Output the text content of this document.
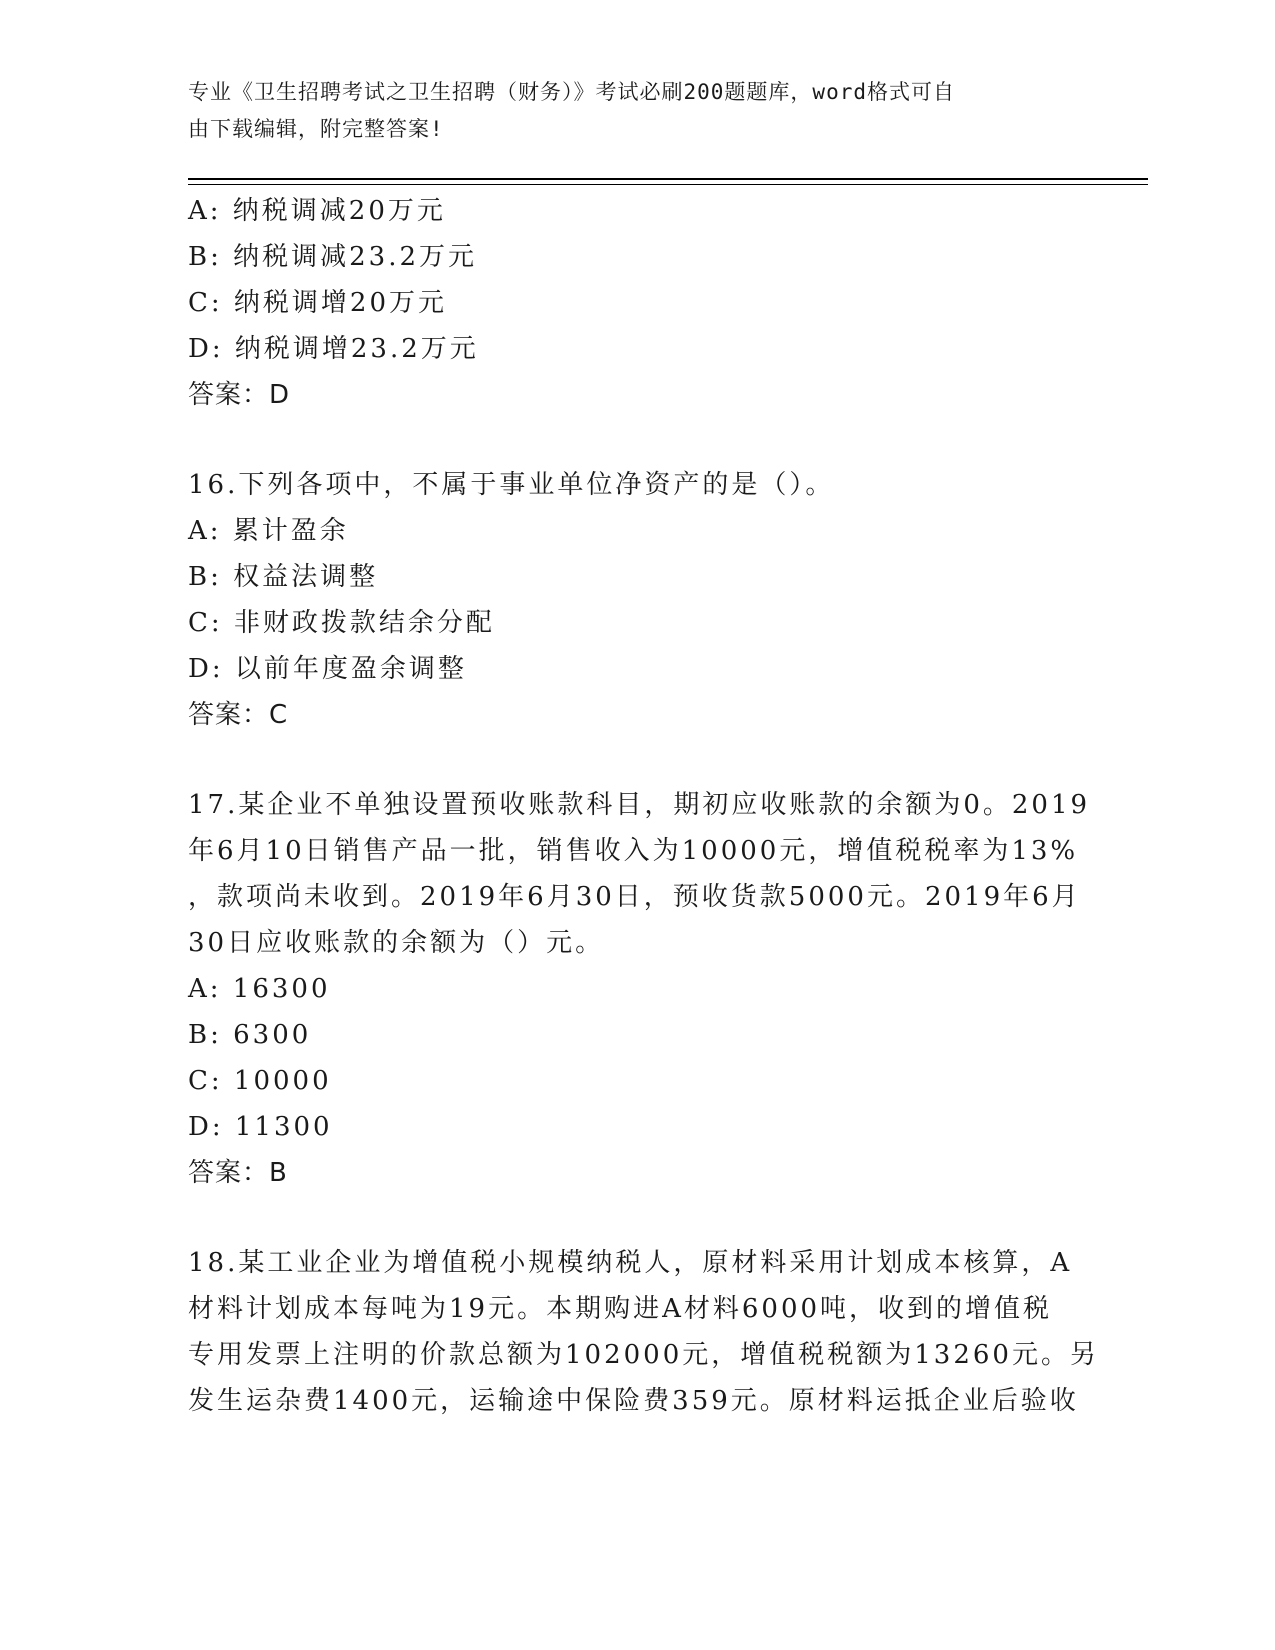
专业《卫生招聘考试之卫生招聘（财务）》考试必刷200题题库，word格式可自
由下载编辑，附完整答案!
A: 纳税调减20万元
B: 纳税调减23.2万元
C: 纳税调增20万元
D: 纳税调增23.2万元
答案：D
16.下列各项中，不属于事业单位净资产的是（）。
A: 累计盈余
B: 权益法调整
C: 非财政拨款结余分配
D: 以前年度盈余调整
答案：C
17.某企业不单独设置预收账款科目，期初应收账款的余额为0。2019
年6月10日销售产品一批，销售收入为10000元，增值税税率为13%
，款项尚未收到。2019年6月30日，预收货款5000元。2019年6月
30日应收账款的余额为（）元。
A: 16300
B: 6300
C: 10000
D: 11300
答案：B
18.某工业企业为增值税小规模纳税人，原材料采用计划成本核算，A
材料计划成本每吨为19元。本期购进A材料6000吨，收到的增值税
专用发票上注明的价款总额为102000元，增值税税额为13260元。另
发生运杂费1400元，运输途中保险费359元。原材料运抵企业后验收
